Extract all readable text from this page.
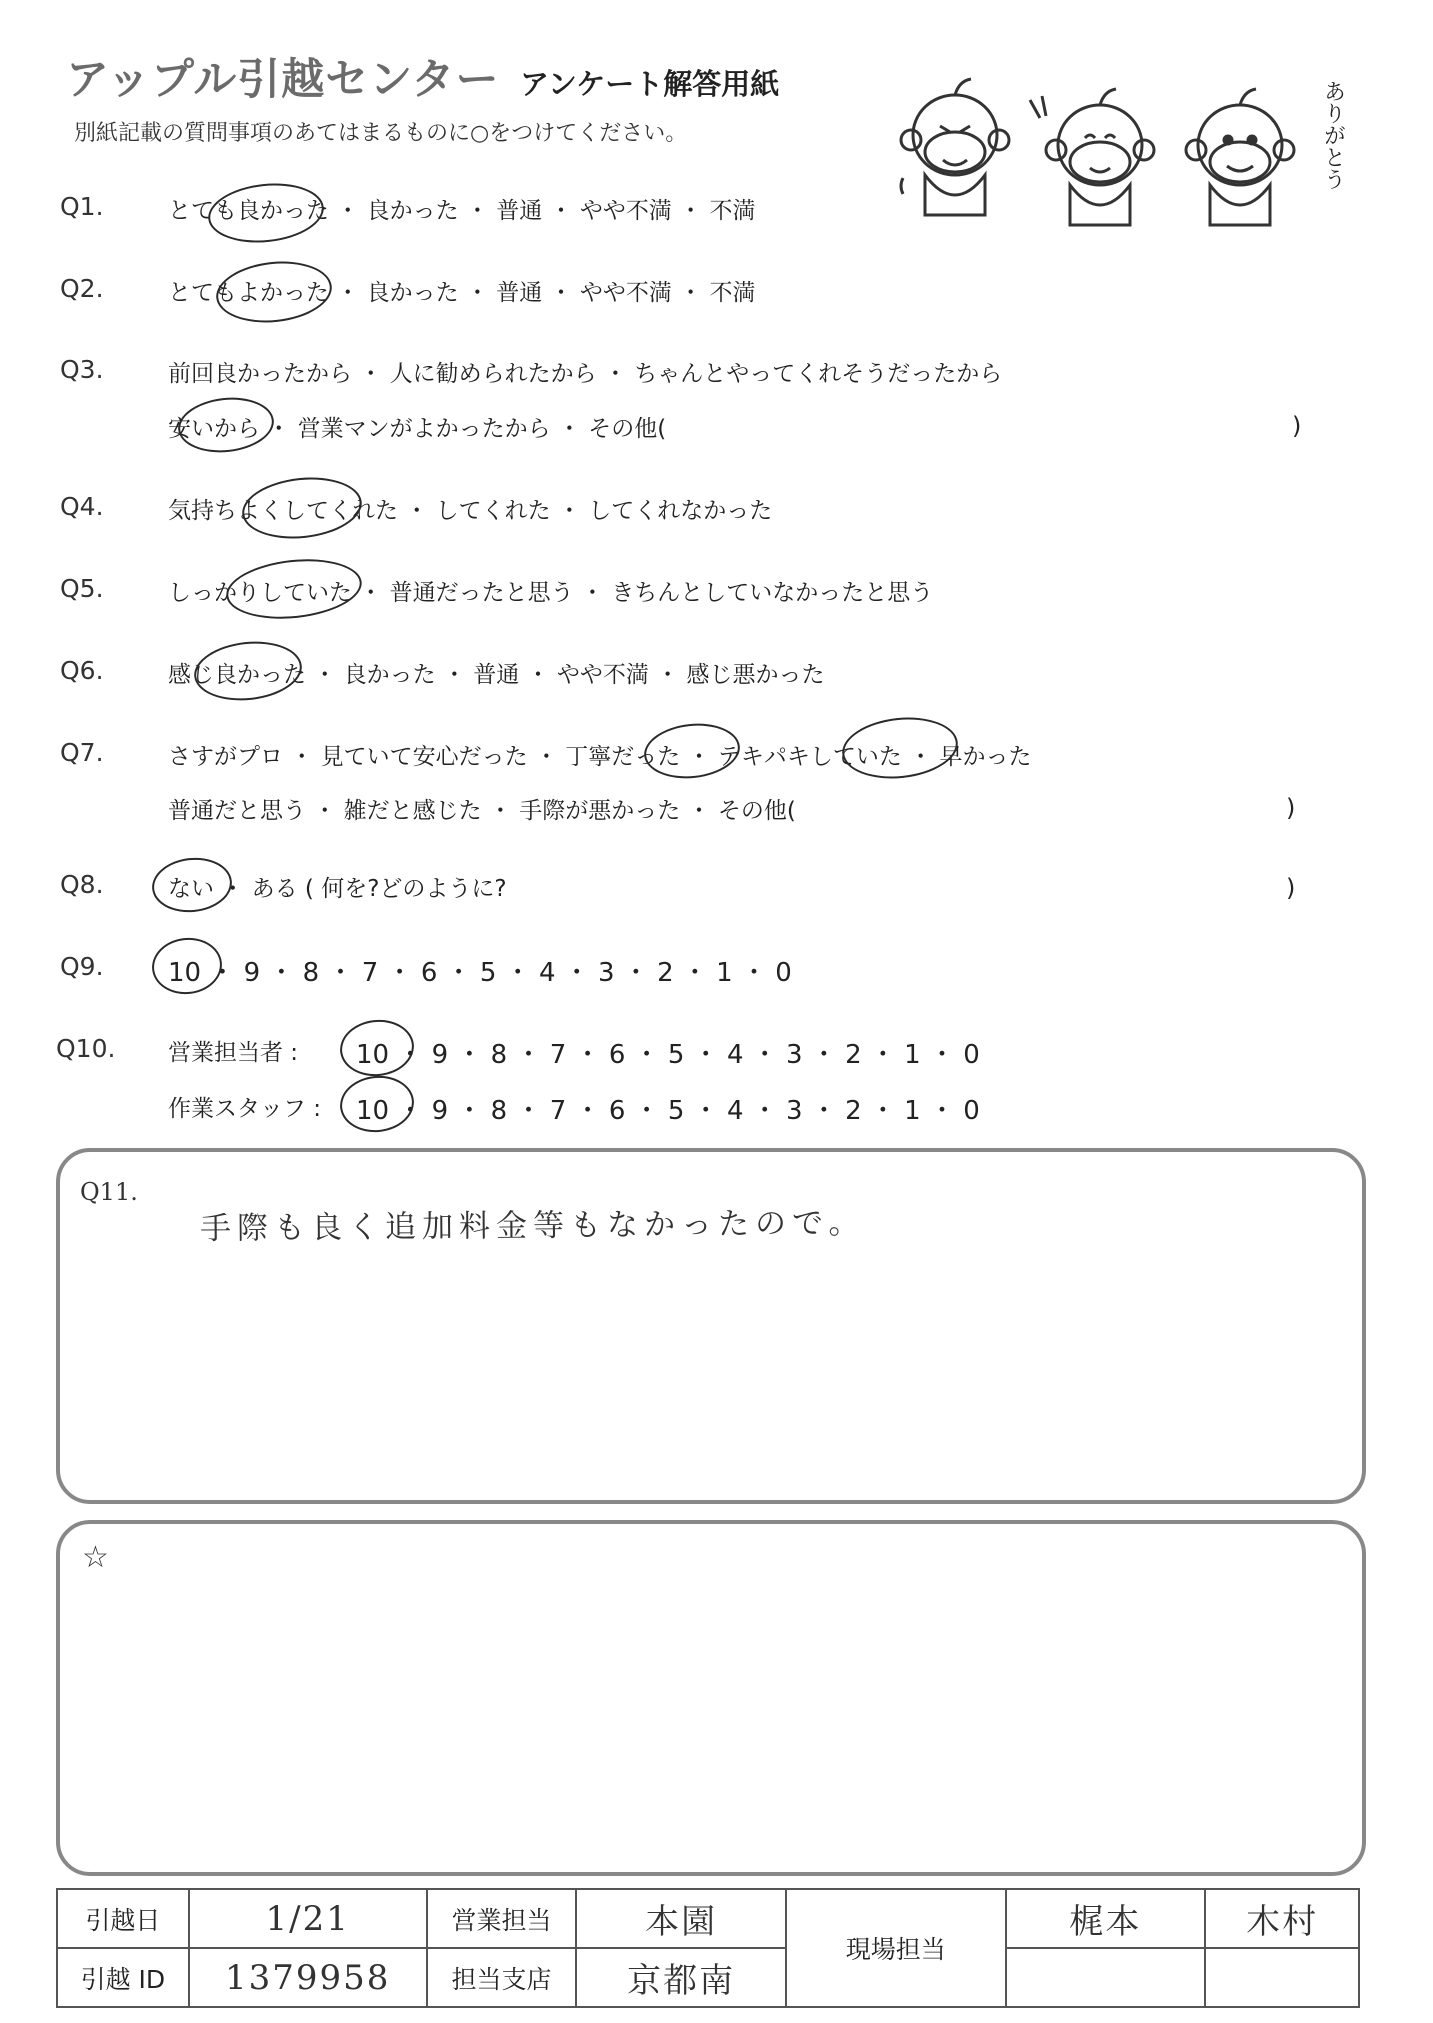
アップル引越センター アンケート解答用紙
別紙記載の質問事項のあてはまるものに○をつけてください。	ありがとう
Q1.	とても良かった ・ 良かった ・ 普通 ・ やや不満 ・ 不満
Q2.	とてもよかった ・ 良かった ・ 普通 ・ やや不満 ・ 不満
Q3.	前回良かったから ・ 人に勧められたから ・ ちゃんとやってくれそうだったから
安いから ・ 営業マンがよかったから ・ その他(	)
Q4.	気持ちよくしてくれた ・ してくれた ・ してくれなかった
Q5.	しっかりしていた ・ 普通だったと思う ・ きちんとしていなかったと思う
Q6.	感じ良かった ・ 良かった ・ 普通 ・ やや不満 ・ 感じ悪かった
Q7.	さすがプロ ・ 見ていて安心だった ・ 丁寧だった ・ テキパキしていた ・ 早かった
普通だと思う ・ 雑だと感じた ・ 手際が悪かった ・ その他(	)
Q8.	ない ・ ある ( 何を?どのように?	)
Q9. 10 ・ 9 ・ 8 ・ 7 ・ 6 ・ 5 ・ 4 ・ 3 ・ 2 ・ 1 ・ 0
Q10. 営業担当者 : 10 ・ 9 ・ 8 ・ 7 ・ 6 ・ 5 ・ 4 ・ 3 ・ 2 ・ 1 ・ 0
作業スタッフ : 10 ・ 9 ・ 8 ・ 7 ・ 6 ・ 5 ・ 4 ・ 3 ・ 2 ・ 1 ・ 0
Q11.
手際も良く追加料金等もなかったので。
☆
引越日	1/21	営業担当	本園	現場担当	梶本	木村
引越 ID	1379958	担当支店	京都南			
